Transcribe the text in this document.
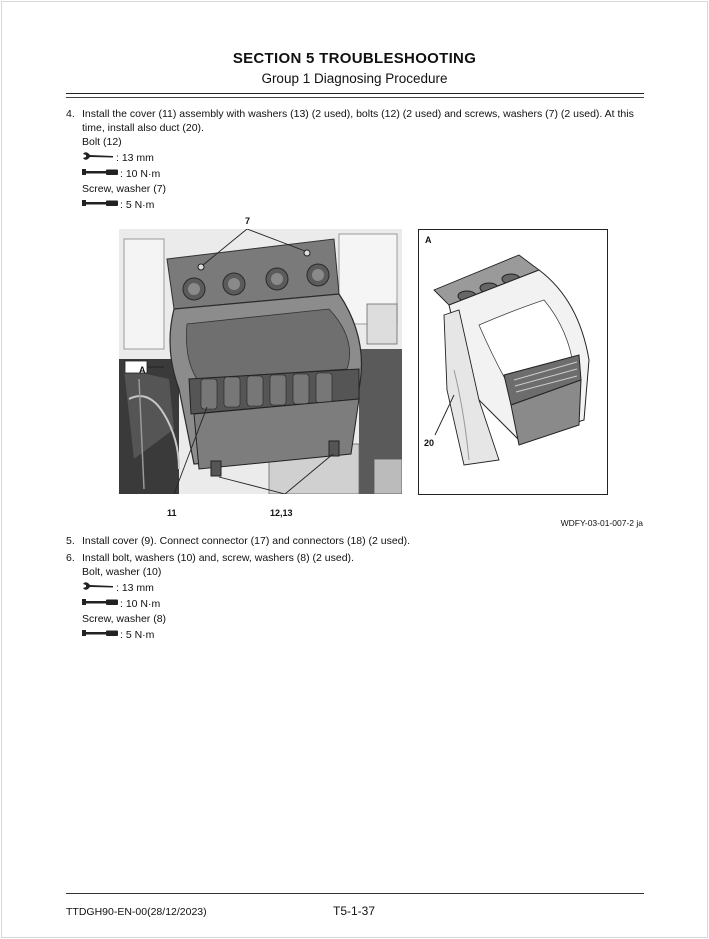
SECTION 5 TROUBLESHOOTING
Group 1 Diagnosing Procedure
4. Install the cover (11) assembly with washers (13) (2 used), bolts (12) (2 used) and screws, washers (7) (2 used). At this
time, install also duct (20).
Bolt (12)
: 13 mm
: 10 N·m
Screw, washer (7)
: 5 N·m
7
A
11	12,13
A
20
WDFY-03-01-007-2 ja
5. Install cover (9). Connect connector (17) and connectors (18) (2 used).
6. Install bolt, washers (10) and, screw, washers (8) (2 used).
Bolt, washer (10)
: 13 mm
: 10 N·m
Screw, washer (8)
: 5 N·m
TTDGH90-EN-00(28/12/2023)	T5-1-37
